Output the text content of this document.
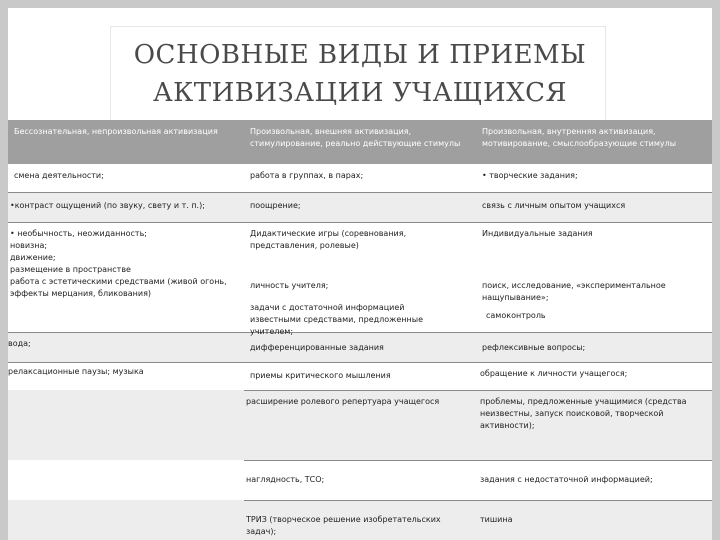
ОСНОВНЫЕ ВИДЫ И ПРИЕМЫ
АКТИВИЗАЦИИ УЧАЩИХСЯ
Бессознательная, непроизвольная активизация	Произвольная, внешняя активизация, стимулирование, реально действующие стимулы
Произвольная, внутренняя активизация, мотивирование, смыслообразующие стимулы
смена деятельности;
•контраст ощущений (по звуку, свету и т. п.);
• необычность, неожиданность;
новизна;
движение;
размещение в пространстве
работа с эстетическими средствами (живой огонь, эффекты мерцания, бликования)
вода;
релаксационные паузы; музыка
работа в группах, в парах;
поощрение;
Дидактические игры (соревнования, представления, ролевые)
личность учителя;
задачи с достаточной информацией известными средствами, предложенные учителем;
дифференцированные задания
приемы критического мышления
расширение ролевого репертуара учащегося
наглядность, ТСО;
ТРИЗ (творческое решение изобретательских задач);
• творческие задания;
связь с личным опытом учащихся
Индивидуальные задания
поиск, исследование, «экспериментальное нащупывание»;
самоконтроль
рефлексивные вопросы;
обращение к личности учащегося;
проблемы, предложенные учащимися (средства неизвестны, запуск поисковой, творческой активности);
задания с недостаточной информацией;
тишина
